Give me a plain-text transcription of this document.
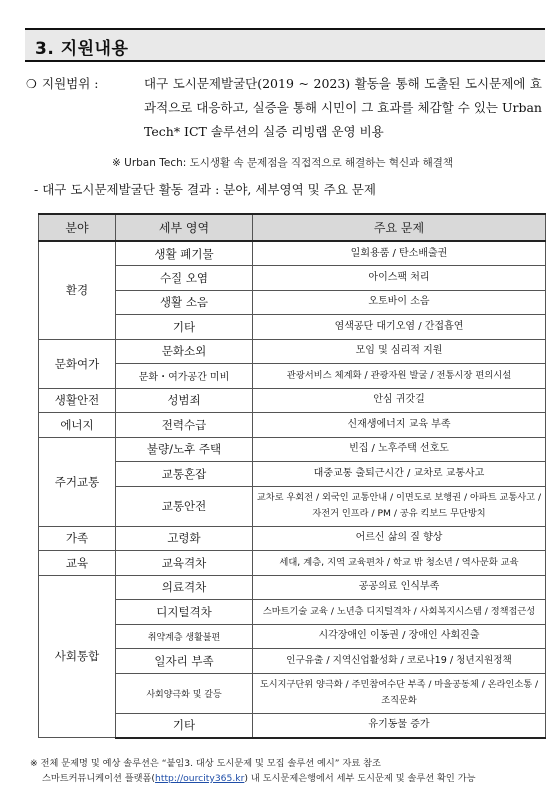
3. 지원내용
❍ 지원범위 :	대구 도시문제발굴단(2019 ~ 2023) 활동을 통해 도출된 도시문제에 효과적으로 대응하고, 실증을 통해 시민이 그 효과를 체감할 수 있는 Urban Tech* ICT 솔루션의 실증 리빙랩 운영 비용
※ Urban Tech: 도시생활 속 문제점을 직접적으로 해결하는 혁신과 해결책
- 대구 도시문제발굴단 활동 결과 : 분야, 세부영역 및 주요 문제
분야	세부 영역	주요 문제
환경	생활 폐기물	일회용품 / 탄소배출권
	수질 오염	아이스팩 처리
	생활 소음	오토바이 소음
	기타	염색공단 대기오염 / 간접흡연
문화여가	문화소외	모임 및 심리적 지원
	문화・여가공간 미비	관광서비스 체계화 / 관광자원 발굴 / 전통시장 편의시설
생활안전	성범죄	안심 귀갓길
에너지	전력수급	신재생에너지 교육 부족
주거교통	불량/노후 주택	빈집 / 노후주택 선호도
	교통혼잡	대중교통 출퇴근시간 / 교차로 교통사고
	교통안전	교차로 우회전 / 외국인 교통안내 / 이면도로 보행권 / 아파트 교통사고 / 자전거 인프라 / PM / 공유 킥보드 무단방치
가족	고령화	어르신 삶의 질 향상
교육	교육격차	세대, 계층, 지역 교육편차 / 학교 밖 청소년 / 역사문화 교육
사회통합	의료격차	공공의료 인식부족
	디지털격차	스마트기술 교육 / 노년층 디지털격차 / 사회복지시스템 / 정책접근성
	취약계층 생활불편	시각장애인 이동권 / 장애인 사회진출
	일자리 부족	인구유출 / 지역신업활성화 / 코로나19 / 청년지원정책
	사회양극화 및 갈등	도시지구단위 양극화 / 주민참여수단 부족 / 마을공동체 / 온라인소통 / 조직문화
	기타	유기동물 증가
※ 전체 문제명 및 예상 솔루션은 “붙임3. 대상 도시문제 및 모집 솔루션 예시” 자료 참조
스마트커뮤니케이션 플랫폼(http://ourcity365.kr) 내 도시문제은행에서 세부 도시문제 및 솔루션 확인 가능
